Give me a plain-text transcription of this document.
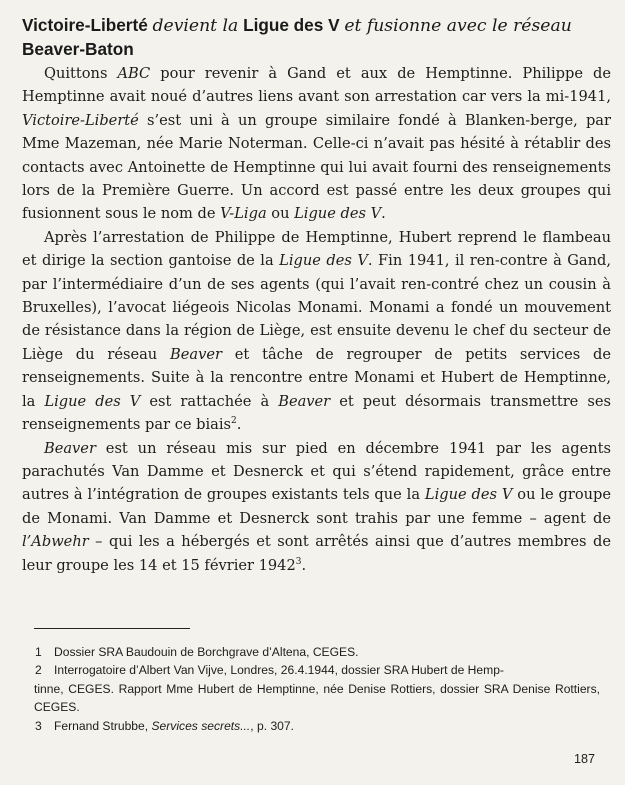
Victoire-Liberté devient la Ligue des V et fusionne avec le réseau
Beaver-Baton

Quittons ABC pour revenir à Gand et aux de Hemptinne. Philippe de Hemptinne avait noué d’autres liens avant son arrestation car vers la mi-1941, Victoire-Liberté s’est uni à un groupe similaire fondé à Blanken-berge, par Mme Mazeman, née Marie Noterman. Celle-ci n’avait pas hésité à rétablir des contacts avec Antoinette de Hemptinne qui lui avait fourni des renseignements lors de la Première Guerre. Un accord est passé entre les deux groupes qui fusionnent sous le nom de V-Liga ou Ligue des V.

Après l’arrestation de Philippe de Hemptinne, Hubert reprend le flambeau et dirige la section gantoise de la Ligue des V. Fin 1941, il ren-contre à Gand, par l’intermédiaire d’un de ses agents (qui l’avait ren-contré chez un cousin à Bruxelles), l’avocat liégeois Nicolas Monami. Monami a fondé un mouvement de résistance dans la région de Liège, est ensuite devenu le chef du secteur de Liège du réseau Beaver et tâche de regrouper de petits services de renseignements. Suite à la rencontre entre Monami et Hubert de Hemptinne, la Ligue des V est rattachée à Beaver et peut désormais transmettre ses renseignements par ce biais$^2$.

Beaver est un réseau mis sur pied en décembre 1941 par les agents parachutés Van Damme et Desnerck et qui s’étend rapidement, grâce entre autres à l’intégration de groupes existants tels que la Ligue des V ou le groupe de Monami. Van Damme et Desnerck sont trahis par une femme – agent de l’Abwehr – qui les a hébergés et sont arrêtés ainsi que d’autres membres de leur groupe les 14 et 15 février 1942$^3$.

1 Dossier SRA Baudouin de Borchgrave d’Altena, CEGES.

2 Interrogatoire d’Albert Van Vijve, Londres, 26.4.1944, dossier SRA Hubert de Hemp-
tinne, CEGES. Rapport Mme Hubert de Hemptinne, née Denise Rottiers, dossier SRA Denise Rottiers, CEGES.

3 Fernand Strubbe, Services secrets..., p. 307.

187
